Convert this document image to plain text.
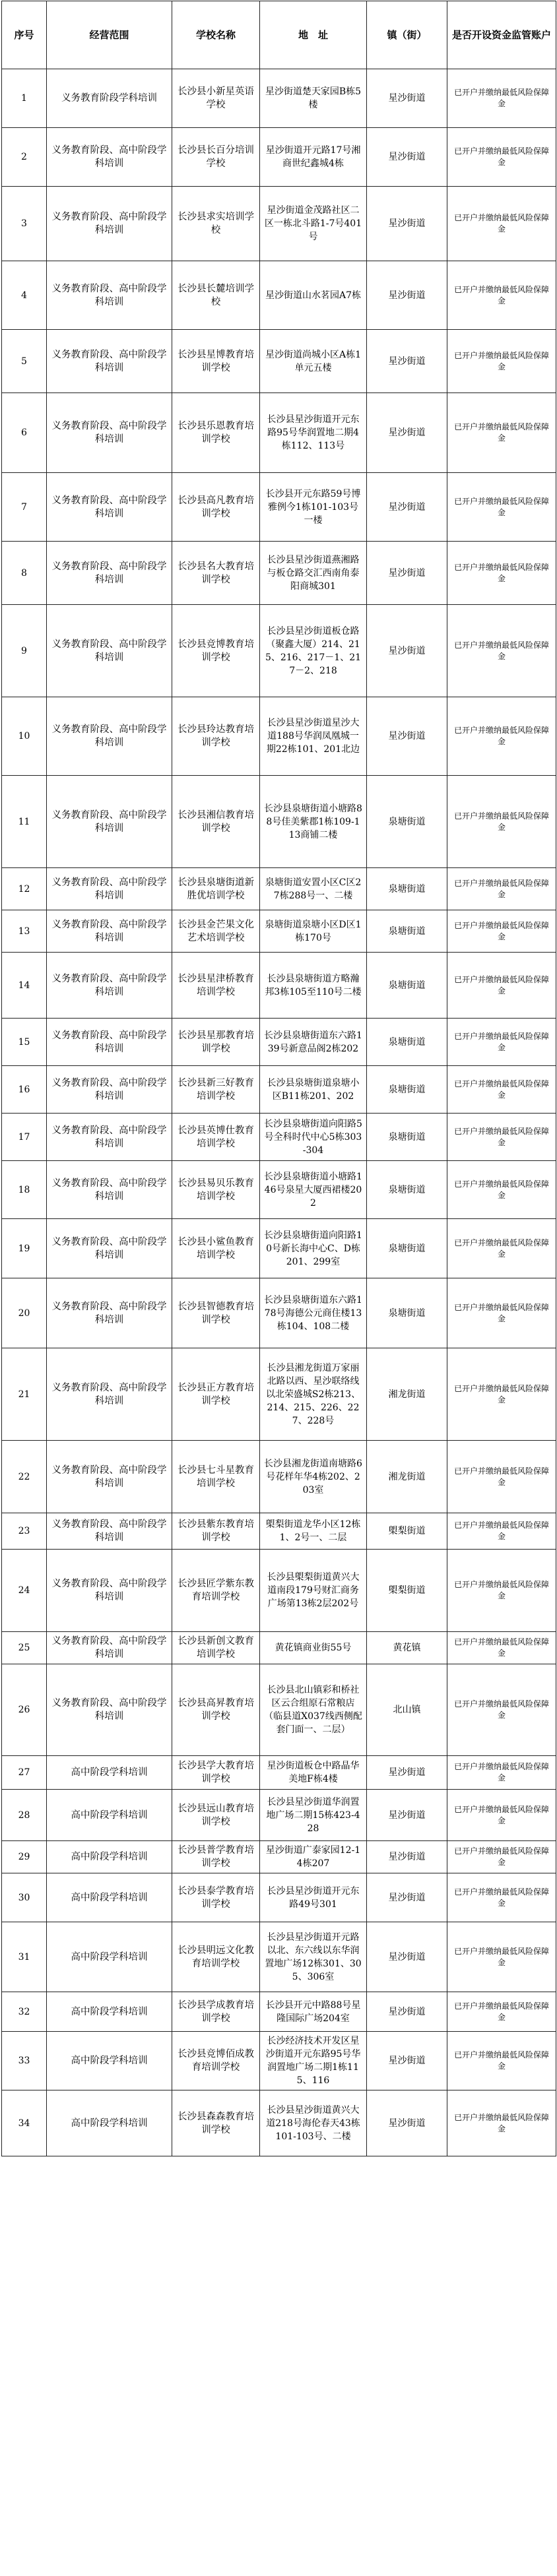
序号	经营范围	学校名称	地　址	镇（街）	是否开设资金监管账户
1	义务教育阶段学科培训	长沙县小新星英语学校	星沙街道楚天家园B栋5楼	星沙街道	已开户并缴纳最低风险保障金
2	义务教育阶段、高中阶段学科培训	长沙县长百分培训学校	星沙街道开元路17号湘商世纪鑫城4栋	星沙街道	已开户并缴纳最低风险保障金
3	义务教育阶段、高中阶段学科培训	长沙县求实培训学校	星沙街道金茂路社区二区一栋北斗路1-7号401号	星沙街道	已开户并缴纳最低风险保障金
4	义务教育阶段、高中阶段学科培训	长沙县长麓培训学校	星沙街道山水茗园A7栋	星沙街道	已开户并缴纳最低风险保障金
5	义务教育阶段、高中阶段学科培训	长沙县星博教育培训学校	星沙街道尚城小区A栋1单元五楼	星沙街道	已开户并缴纳最低风险保障金
6	义务教育阶段、高中阶段学科培训	长沙县乐恩教育培训学校	长沙县星沙街道开元东路95号华润置地二期4栋112、113号	星沙街道	已开户并缴纳最低风险保障金
7	义务教育阶段、高中阶段学科培训	长沙县高凡教育培训学校	长沙县开元东路59号博雅例今1栋101-103号一楼	星沙街道	已开户并缴纳最低风险保障金
8	义务教育阶段、高中阶段学科培训	长沙县名大教育培训学校	长沙县星沙街道燕湘路与板仓路交汇西南角泰阳商城301	星沙街道	已开户并缴纳最低风险保障金
9	义务教育阶段、高中阶段学科培训	长沙县竞博教育培训学校	长沙县星沙街道板仓路（聚鑫大厦）214、215、216、217－1、217－2、218	星沙街道	已开户并缴纳最低风险保障金
10	义务教育阶段、高中阶段学科培训	长沙县玲达教育培训学校	长沙县星沙街道星沙大道188号华润凤凰城一期22栋101、201北边	星沙街道	已开户并缴纳最低风险保障金
11	义务教育阶段、高中阶段学科培训	长沙县湘信教育培训学校	长沙县泉塘街道小塘路88号佳美紫郡1栋109-113商铺二楼	泉塘街道	已开户并缴纳最低风险保障金
12	义务教育阶段、高中阶段学科培训	长沙县泉塘街道新胜优培训学校	泉塘街道安置小区C区27栋288号一、二楼	泉塘街道	已开户并缴纳最低风险保障金
13	义务教育阶段、高中阶段学科培训	长沙县金芒果文化艺术培训学校	泉塘街道泉塘小区D区1栋170号	泉塘街道	已开户并缴纳最低风险保障金
14	义务教育阶段、高中阶段学科培训	长沙县星津桥教育培训学校	长沙县泉塘街道方略瀚邦3栋105至110号二楼	泉塘街道	已开户并缴纳最低风险保障金
15	义务教育阶段、高中阶段学科培训	长沙县星那教育培训学校	长沙县泉塘街道东六路139号新意品阁2栋202	泉塘街道	已开户并缴纳最低风险保障金
16	义务教育阶段、高中阶段学科培训	长沙县新三好教育培训学校	长沙县泉塘街道泉塘小区B11栋201、202	泉塘街道	已开户并缴纳最低风险保障金
17	义务教育阶段、高中阶段学科培训	长沙县英博仕教育培训学校	长沙县泉塘街道向阳路5号全科时代中心5栋303-304	泉塘街道	已开户并缴纳最低风险保障金
18	义务教育阶段、高中阶段学科培训	长沙县易贝乐教育培训学校	长沙县泉塘街道小塘路146号泉星大厦西裙楼202	泉塘街道	已开户并缴纳最低风险保障金
19	义务教育阶段、高中阶段学科培训	长沙县小鲨鱼教育培训学校	长沙县泉塘街道向阳路10号新长海中心C、D栋201、299室	泉塘街道	已开户并缴纳最低风险保障金
20	义务教育阶段、高中阶段学科培训	长沙县智德教育培训学校	长沙县泉塘街道东六路178号海德公元商住楼13栋104、108二楼	泉塘街道	已开户并缴纳最低风险保障金
21	义务教育阶段、高中阶段学科培训	长沙县正方教育培训学校	长沙县湘龙街道万家丽北路以西、星沙联络线以北荣盛城S2栋213、214、215、226、227、228号	湘龙街道	已开户并缴纳最低风险保障金
22	义务教育阶段、高中阶段学科培训	长沙县七斗星教育培训学校	长沙县湘龙街道南塘路6号花样年华4栋202、203室	湘龙街道	已开户并缴纳最低风险保障金
23	义务教育阶段、高中阶段学科培训	长沙县紫东教育培训学校	㮾梨街道龙华小区12栋1、2号一、二层	㮾梨街道	已开户并缴纳最低风险保障金
24	义务教育阶段、高中阶段学科培训	长沙县匠学紫东教育培训学校	长沙县㮾梨街道黄兴大道南段179号财汇商务广场第13栋2层202号	㮾梨街道	已开户并缴纳最低风险保障金
25	义务教育阶段、高中阶段学科培训	长沙县新创文教育培训学校	黄花镇商业街55号	黄花镇	已开户并缴纳最低风险保障金
26	义务教育阶段、高中阶段学科培训	长沙县高昇教育培训学校	长沙县北山镇彩和桥社区云合组原石常粮店（临县道X037线西侧配套门面一、二层）	北山镇	已开户并缴纳最低风险保障金
27	高中阶段学科培训	长沙县学大教育培训学校	星沙街道板仓中路晶华美地F栋4楼	星沙街道	已开户并缴纳最低风险保障金
28	高中阶段学科培训	长沙县远山教育培训学校	长沙县星沙街道华润置地广场二期15栋423-428	星沙街道	已开户并缴纳最低风险保障金
29	高中阶段学科培训	长沙县普学教育培训学校	星沙街道广泰家园12-14栋207	星沙街道	已开户并缴纳最低风险保障金
30	高中阶段学科培训	长沙县泰学教育培训学校	长沙县星沙街道开元东路49号301	星沙街道	已开户并缴纳最低风险保障金
31	高中阶段学科培训	长沙县明远文化教育培训学校	长沙县星沙街道开元路以北、东六线以东华润置地广场12栋301、305、306室	星沙街道	已开户并缴纳最低风险保障金
32	高中阶段学科培训	长沙县学成教育培训学校	长沙县开元中路88号星隆国际广场204室	星沙街道	已开户并缴纳最低风险保障金
33	高中阶段学科培训	长沙县竞博佰成教育培训学校	长沙经济技术开发区星沙街道开元东路95号华润置地广场二期1栋115、116	星沙街道	已开户并缴纳最低风险保障金
34	高中阶段学科培训	长沙县森森教育培训学校	长沙县星沙街道黄兴大道218号海伦春天43栋101-103号、二楼	星沙街道	已开户并缴纳最低风险保障金
